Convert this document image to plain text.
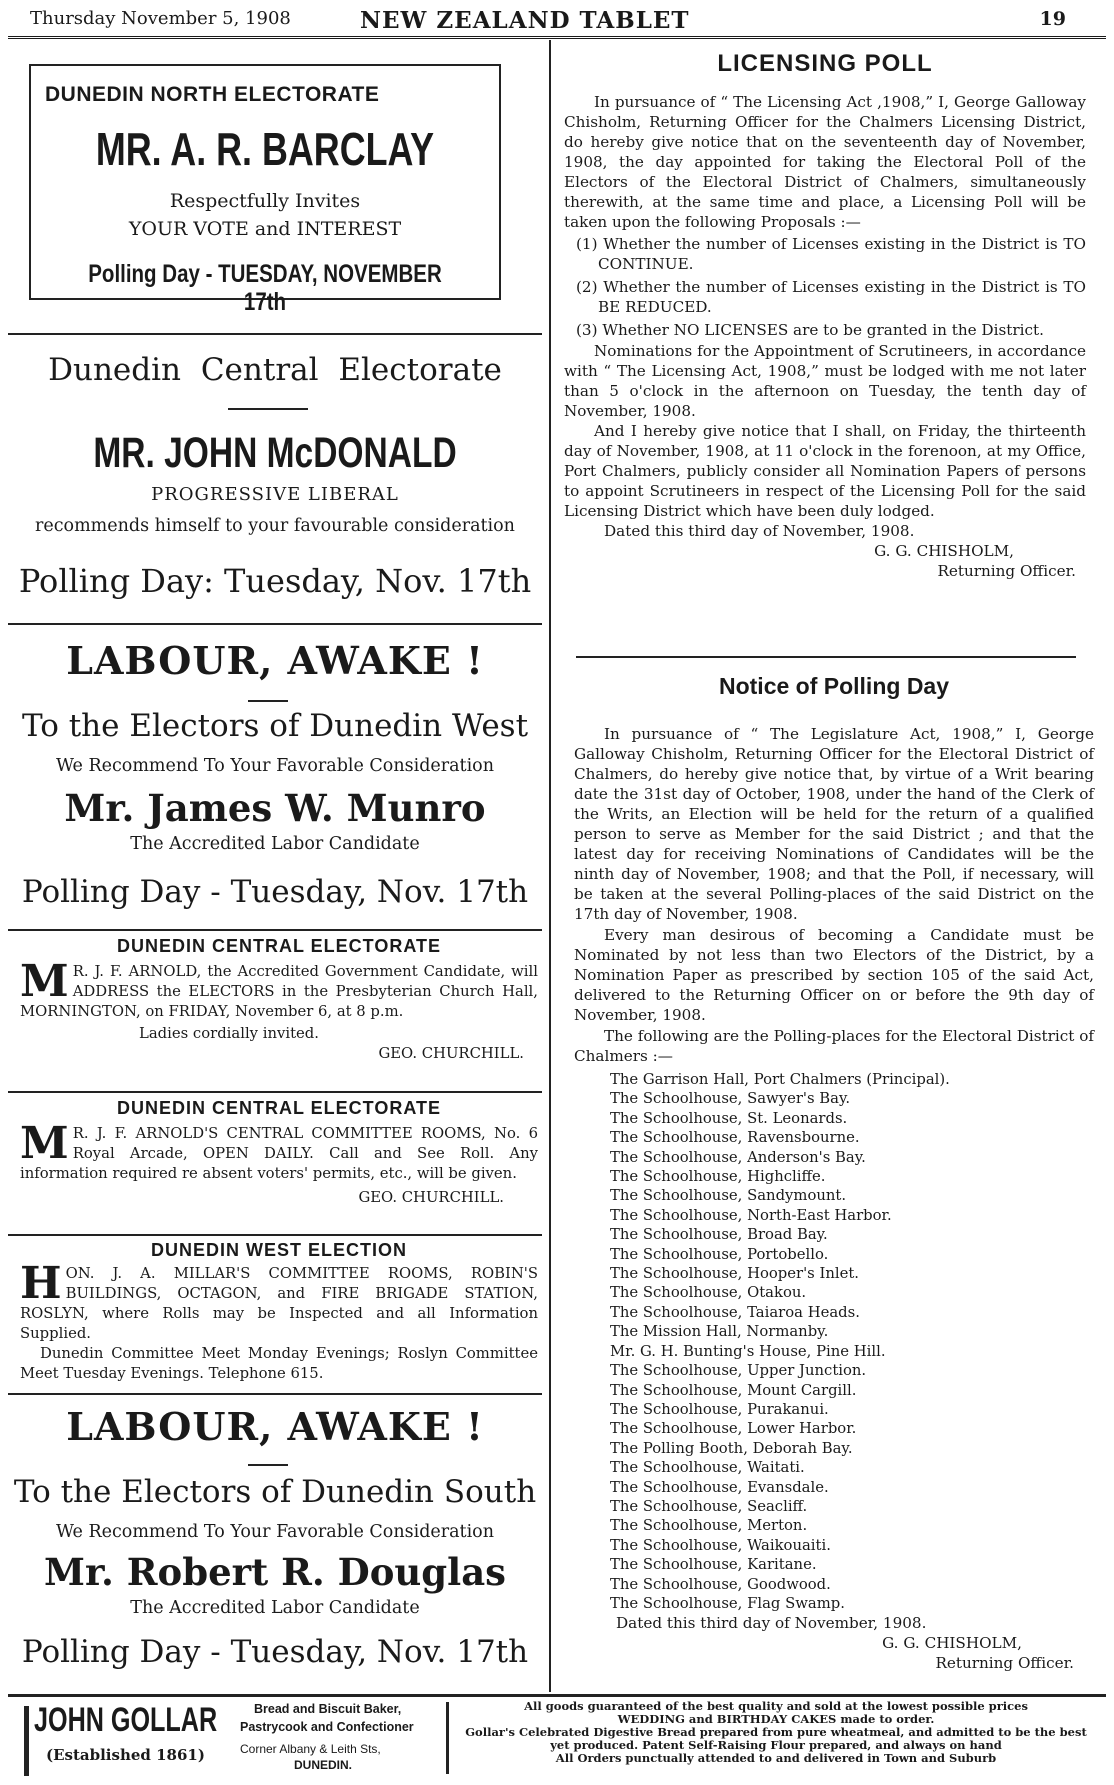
Thursday November 5, 1908	NEW ZEALAND TABLET	19
DUNEDIN NORTH ELECTORATE
MR. A. R. BARCLAY
Respectfully Invites
YOUR VOTE and INTEREST
Polling Day - TUESDAY, NOVEMBER 17th
Dunedin Central Electorate
MR. JOHN McDONALD
PROGRESSIVE LIBERAL
recommends himself to your favourable consideration
Polling Day: Tuesday, Nov. 17th
LABOUR, AWAKE !
To the Electors of Dunedin West
We Recommend To Your Favorable Consideration
Mr. James W. Munro
The Accredited Labor Candidate
Polling Day - Tuesday, Nov. 17th
DUNEDIN CENTRAL ELECTORATE
M R. J. F. ARNOLD, the Accredited Government Candidate, will ADDRESS the ELECTORS in the Presbyterian Church Hall, MORNINGTON, on FRIDAY, November 6, at 8 p.m.
Ladies cordially invited.
GEO. CHURCHILL.
DUNEDIN CENTRAL ELECTORATE
M R. J. F. ARNOLD'S CENTRAL COMMITTEE ROOMS, No. 6 Royal Arcade, OPEN DAILY. Call and See Roll. Any information required re absent voters' permits, etc., will be given.
GEO. CHURCHILL.
DUNEDIN WEST ELECTION
HON. J. A. MILLAR'S COMMITTEE ROOMS, ROBIN'S BUILDINGS, OCTAGON, and FIRE BRIGADE STATION, ROSLYN, where Rolls may be Inspected and all Information Supplied.
Dunedin Committee Meet Monday Evenings; Roslyn Committee Meet Tuesday Evenings. Telephone 615.
LABOUR, AWAKE !
To the Electors of Dunedin South
We Recommend To Your Favorable Consideration
Mr. Robert R. Douglas
The Accredited Labor Candidate
Polling Day - Tuesday, Nov. 17th
LICENSING POLL
In pursuance of “ The Licensing Act ,1908,” I, George Galloway Chisholm, Returning Officer for the Chalmers Licensing District, do hereby give notice that on the seventeenth day of November, 1908, the day appointed for taking the Electoral Poll of the Electors of the Electoral District of Chalmers, simultaneously therewith, at the same time and place, a Licensing Poll will be taken upon the following Proposals :—
(1) Whether the number of Licenses existing in the District is TO CONTINUE.
(2) Whether the number of Licenses existing in the District is TO BE REDUCED.
(3) Whether NO LICENSES are to be granted in the District.
Nominations for the Appointment of Scrutineers, in accordance with “ The Licensing Act, 1908,” must be lodged with me not later than 5 o'clock in the afternoon on Tuesday, the tenth day of November, 1908.
And I hereby give notice that I shall, on Friday, the thirteenth day of November, 1908, at 11 o'clock in the forenoon, at my Office, Port Chalmers, publicly consider all Nomination Papers of persons to appoint Scrutineers in respect of the Licensing Poll for the said Licensing District which have been duly lodged.
Dated this third day of November, 1908.
G. G. CHISHOLM,
Returning Officer.
Notice of Polling Day
In pursuance of “ The Legislature Act, 1908,” I, George Galloway Chisholm, Returning Officer for the Electoral District of Chalmers, do hereby give notice that, by virtue of a Writ bearing date the 31st day of October, 1908, under the hand of the Clerk of the Writs, an Election will be held for the return of a qualified person to serve as Member for the said District ; and that the latest day for receiving Nominations of Candidates will be the ninth day of November, 1908; and that the Poll, if necessary, will be taken at the several Polling-places of the said District on the 17th day of November, 1908.
Every man desirous of becoming a Candidate must be Nominated by not less than two Electors of the District, by a Nomination Paper as prescribed by section 105 of the said Act, delivered to the Returning Officer on or before the 9th day of November, 1908.
The following are the Polling-places for the Electoral District of Chalmers :—
The Garrison Hall, Port Chalmers (Principal).
The Schoolhouse, Sawyer's Bay.
The Schoolhouse, St. Leonards.
The Schoolhouse, Ravensbourne.
The Schoolhouse, Anderson's Bay.
The Schoolhouse, Highcliffe.
The Schoolhouse, Sandymount.
The Schoolhouse, North-East Harbor.
The Schoolhouse, Broad Bay.
The Schoolhouse, Portobello.
The Schoolhouse, Hooper's Inlet.
The Schoolhouse, Otakou.
The Schoolhouse, Taiaroa Heads.
The Mission Hall, Normanby.
Mr. G. H. Bunting's House, Pine Hill.
The Schoolhouse, Upper Junction.
The Schoolhouse, Mount Cargill.
The Schoolhouse, Purakanui.
The Schoolhouse, Lower Harbor.
The Polling Booth, Deborah Bay.
The Schoolhouse, Waitati.
The Schoolhouse, Evansdale.
The Schoolhouse, Seacliff.
The Schoolhouse, Merton.
The Schoolhouse, Waikouaiti.
The Schoolhouse, Karitane.
The Schoolhouse, Goodwood.
The Schoolhouse, Flag Swamp.
Dated this third day of November, 1908.
G. G. CHISHOLM,
Returning Officer.
JOHN GOLLAR	Bread and Biscuit Baker,
Pastrycook and Confectioner
(Established 1861)	Corner Albany & Leith Sts,
DUNEDIN.
All goods guaranteed of the best quality and sold at the lowest possible prices
WEDDING and BIRTHDAY CAKES made to order.
Gollar's Celebrated Digestive Bread prepared from pure wheatmeal, and admitted to be the best yet produced. Patent Self-Raising Flour prepared, and always on hand
All Orders punctually attended to and delivered in Town and Suburb
